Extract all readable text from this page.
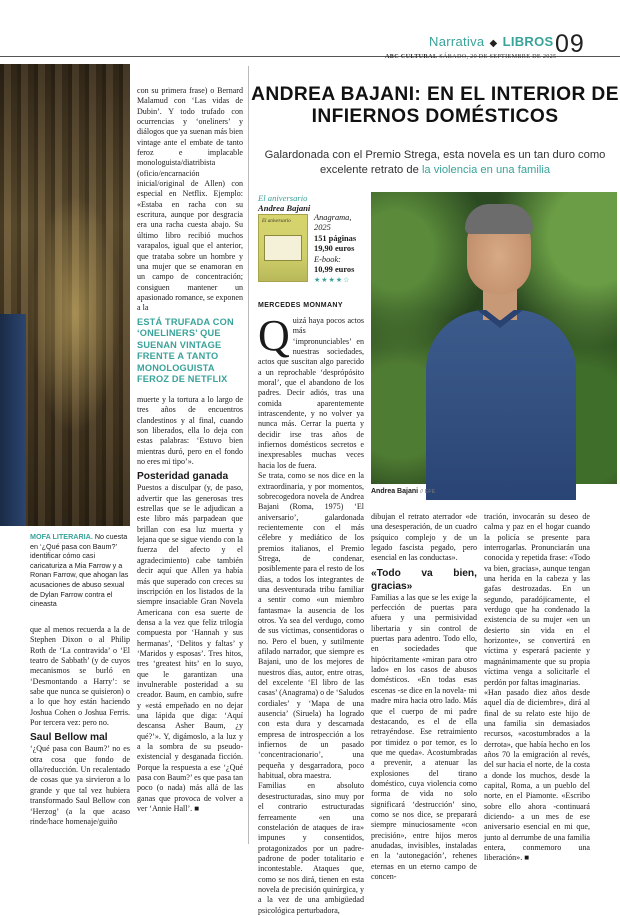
Narrativa ◆ LIBROS 09
ABC CULTURAL SÁBADO, 20 DE SEPTIEMBRE DE 2025
MOFA LITERARIA. No cuesta en ‘¿Qué pasa con Baum?’ identificar cómo casi caricaturiza a Mia Farrow y a Ronan Farrow, que ahogan las acusaciones de abuso sexual de Dylan Farrow contra el cineasta

que al menos recuerda a la de Stephen Dixon o al Philip Roth de ‘La contravida’ o ‘El teatro de Sabbath’ (y de cuyos mecanismos se burló en ‘Desmontando a Harry’: se sabe que nunca se quisieron) o a lo que hoy están haciendo Joshua Cohen o Joshua Ferris. Por tercera vez: pero no.

Saul Bellow mal

‘¿Qué pasa con Baum?’ no es otra cosa que fondo de olla/reducción. Un recalentado de cosas que ya sirvieron a lo grande y que tal vez hubiera transformado Saul Bellow con ‘Herzog’ (a la que acaso rinde/hace homenaje/guiño

con su primera frase) o Bernard Malamud con ‘Las vidas de Dubin’. Y todo trufado con ocurrencias y ‘oneliners’ y diálogos que ya suenan más bien vintage ante el embate de tanto feroz e implacable monologuista/diatribista (oficio/encarnación inicial/original de Allen) con especial en Netflix. Ejemplo: «Estaba en racha con su escritura, aunque por desgracia era una racha cuesta abajo. Su último libro recibió muchos varapalos, igual que el anterior, que trataba sobre un hombre y una mujer que se enamoran en un campo de concentración; consiguen mantener un apasionado romance, se exponen a la

ESTÁ TRUFADA CON ‘ONELINERS’ QUE SUENAN VINTAGE FRENTE A TANTO MONOLOGUISTA FEROZ DE NETFLIX

muerte y la tortura a lo largo de tres años de encuentros clandestinos y al final, cuando son liberados, ella lo deja con estas palabras: ‘Estuvo bien mientras duró, pero en el fondo no eres mi tipo’».

Posteridad ganada

Puestos a disculpar (y, de paso, advertir que las generosas tres estrellas que se le adjudican a este libro más parpadean que brillan con esa luz muerta y lejana que se sigue viendo con la fuerza del afecto y el agradecimiento) cabe también decir aquí que Allen ya había más que superado con creces su inscripción en los listados de la siempre insaciable Gran Novela Americana con esa suerte de densa a la vez que feliz trilogía compuesta por ‘Hannah y sus hermanas’, ‘Delitos y faltas’ y ‘Maridos y esposas’. Tres hitos, tres ‘greatest hits’ en lo suyo, que le garantizan una invulnerable posteridad a su creador. Baum, en cambio, sufre y «está empeñado en no dejar una lápida que diga: ‘Aquí descansa Asher Baum, ¿y qué?’». Y, digámoslo, a la luz y a la sombra de su pseudo-existencial y desganada ficción. Porque la respuesta a ese ‘¿Qué pasa con Baum?’ es que pasa tan poco (o nada) más allá de las ganas que provoca de volver a ver ‘Annie Hall’. ■

ANDREA BAJANI: EN EL INTERIOR DE INFIERNOS DOMÉSTICOS
Galardonada con el Premio Strega, esta novela es un tan duro como excelente retrato de la violencia en una familia
El aniversario
Andrea Bajani
El aniversario	Anagrama,
2025
151 páginas
19,90 euros
E-book:
10,99 euros
★★★★☆
MERCEDES MONMANY
Andrea Bajani // EFE

Quizá haya pocos actos más ‘impronunciables’ en nuestras sociedades, actos que suscitan algo parecido a un reprochable ‘desprópósito moral’, que el abandono de los padres. Decir adiós, tras una comida aparentemente intrascendente, y no volver ya nunca más. Cerrar la puerta y decidir irse tras años de infiernos domésticos secretos e inexpresables muchas veces hacia los de fuera.

Se trata, como se nos dice en la extraordinaria, y por momentos, sobrecogedora novela de Andrea Bajani (Roma, 1975) ‘El aniversario’, galardonada recientemente con el más célebre y mediático de los premios italianos, el Premio Strega, de condenar, posiblemente para el resto de los días, a todos los integrantes de una desventurada tribu familiar a sentir como «un miembro fantasma» la ausencia de los otros. Ya sea del verdugo, como de sus víctimas, consentidoras o no. Pero el buen, y sutilmente afilado narrador, que siempre es Bajani, uno de los mejores de nuestros días, autor, entre otras, del excelente ‘El libro de las casas’ (Anagrama) o de ‘Saludos cordiales’ y ‘Mapa de una ausencia’ (Siruela) ha logrado con esta dura y descarnada empresa de introspección a los infiernos de un pasado ‘concentracionario’, una pequeña y desgarradora, poco habitual, obra maestra.

Familias en absoluto desestructuradas, sino muy por el contrario estructuradas ferreamente «en una constelación de ataques de ira» impunes y consentidos, protagonizados por un padre-padrone de poder totalitario e incontestable. Ataques que, como se nos dirá, tienen en esta novela de precisión quirúrgica, y a la vez de una ambigüedad psicológica perturbadora,

dibujan el retrato aterrador «de una desesperación, de un cuadro psíquico complejo y de un legado fascista pegado, pero esencial en las conductas».

«Todo va bien, gracias»

Familias a las que se les exige la perfección de puertas para afuera y una permisividad libertaria y sin control de puertas para adentro. Todo ello, en sociedades que hipócritamente «miran para otro lado» en los casos de abusos domésticos. «En todas esas escenas -se dice en la novela- mi madre mira hacia otro lado. Más que el cuerpo de mi padre destacando, es el de ella retrayéndose. Ese retraimiento por timidez o por temor, es lo que me queda». Acostumbradas a prevenir, a atenuar las explosiones del tirano doméstico, cuya violencia como forma de vida no solo significará ‘destrucción’ sino, como se nos dice, se preparará siempre minuciosamente «con precisión», entre hijos meros anudadas, invisibles, instaladas en la ‘autonegación’, rehenes eternas en un eterno campo de concen-

tración, invocarán su deseo de calma y paz en el hogar cuando la policía se presente para interrogarlas. Pronunciarán una conocida y repetida frase: «Todo va bien, gracias», aunque tengan una herida en la cabeza y las gafas destrozadas. En un segundo, paradójicamente, el verdugo que ha condenado la existencia de su mujer «en un desierto sin vida en el horizonte», se convertirá en víctima y esperará paciente y magnánimamente que su propia víctima venga a solicitarle el perdón por faltas imaginarias.

«Han pasado diez años desde aquel día de diciembre», dirá al final de su relato este hijo de una familia sin demasiados recursos, «acostumbrados a la derrota», que había hecho en los años 70 la emigración al revés, del sur hacia el norte, de la costa a donde los muchos, desde la capital, Roma, a un pueblo del norte, en el Piamonte. «Escribo sobre ello ahora -continuará diciendo- a un mes de ese aniversario esencial en mi que, junto al derrumbe de una familia entera, conmemoro una liberación». ■
